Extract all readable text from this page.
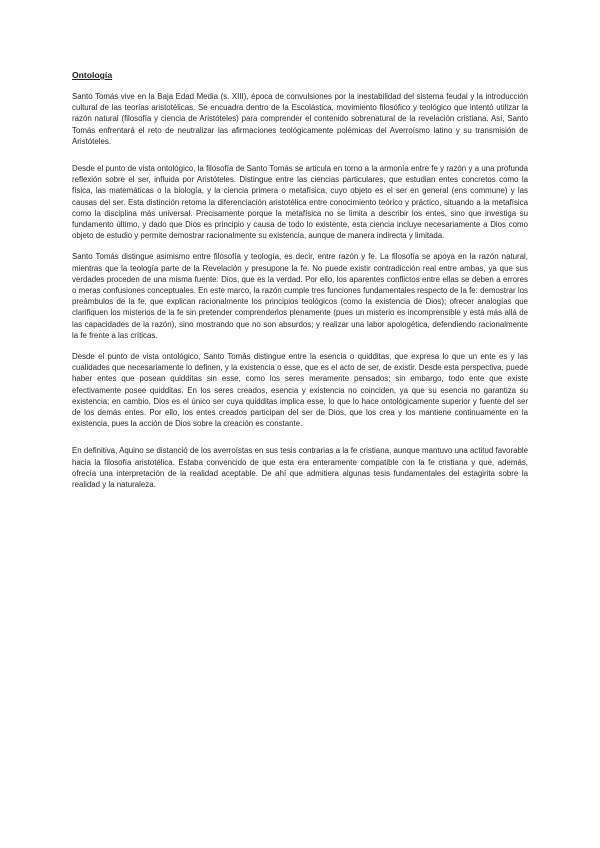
Ontología

Santo Tomás vive en la Baja Edad Media (s. XIII), época de convulsiones por la inestabilidad del sistema feudal y la introducción cultural de las teorías aristotélicas. Se encuadra dentro de la Escolástica, movimiento filosófico y teológico que intentó utilizar la razón natural (filosofía y ciencia de Aristóteles) para comprender el contenido sobrenatural de la revelación cristiana. Así, Santo Tomás enfrentará el reto de neutralizar las afirmaciones teológicamente polémicas del Averroísmo latino y su transmisión de Aristóteles.

Desde el punto de vista ontológico, la filosofía de Santo Tomás se articula en torno a la armonía entre fe y razón y a una profunda reflexión sobre el ser, influida por Aristóteles. Distingue entre las ciencias particulares, que estudian entes concretos como la física, las matemáticas o la biología, y la ciencia primera o metafísica, cuyo objeto es el ser en general (ens commune) y las causas del ser. Esta distinción retoma la diferenciación aristotélica entre conocimiento teórico y práctico, situando a la metafísica como la disciplina más universal. Precisamente porque la metafísica no se limita a describir los entes, sino que investiga su fundamento último, y dado que Dios es principio y causa de todo lo existente, esta ciencia incluye necesariamente a Dios como objeto de estudio y permite demostrar racionalmente su existencia, aunque de manera indirecta y limitada.

Santo Tomás distingue asimismo entre filosofía y teología, es decir, entre razón y fe. La filosofía se apoya en la razón natural, mientras que la teología parte de la Revelación y presupone la fe. No puede existir contradicción real entre ambas, ya que sus verdades proceden de una misma fuente: Dios, que es la verdad. Por ello, los aparentes conflictos entre ellas se deben a errores o meras confusiones conceptuales. En este marco, la razón cumple tres funciones fundamentales respecto de la fe: demostrar los preámbulos de la fe, que explican racionalmente los principios teológicos (como la existencia de Dios); ofrecer analogías que clarifiquen los misterios de la fe sin pretender comprenderlos plenamente (pues un misterio es incomprensible y está más allá de las capacidades de la razón), sino mostrando que no son absurdos; y realizar una labor apologética, defendiendo racionalmente la fe frente a las críticas.

Desde el punto de vista ontológico, Santo Tomás distingue entre la esencia o quidditas, que expresa lo que un ente es y las cualidades que necesariamente lo definen, y la existencia o esse, que es el acto de ser, de existir. Desde esta perspectiva, puede haber entes que posean quidditas sin esse, como los seres meramente pensados; sin embargo, todo ente que existe efectivamente posee quidditas. En los seres creados, esencia y existencia no coinciden, ya que su esencia no garantiza su existencia; en cambio, Dios es el único ser cuya quidditas implica esse, lo que lo hace ontológicamente superior y fuente del ser de los demás entes. Por ello, los entes creados participan del ser de Dios, que los crea y los mantiene continuamente en la existencia, pues la acción de Dios sobre la creación es constante.

En definitiva, Aquino se distanció de los averroístas en sus tesis contrarias a la fe cristiana, aunque mantuvo una actitud favorable hacia la filosofía aristotélica. Estaba convencido de que esta era enteramente compatible con la fe cristiana y que, además, ofrecía una interpretación de la realidad aceptable. De ahí que admitiera algunas tesis fundamentales del estagirita sobre la realidad y la naturaleza.
